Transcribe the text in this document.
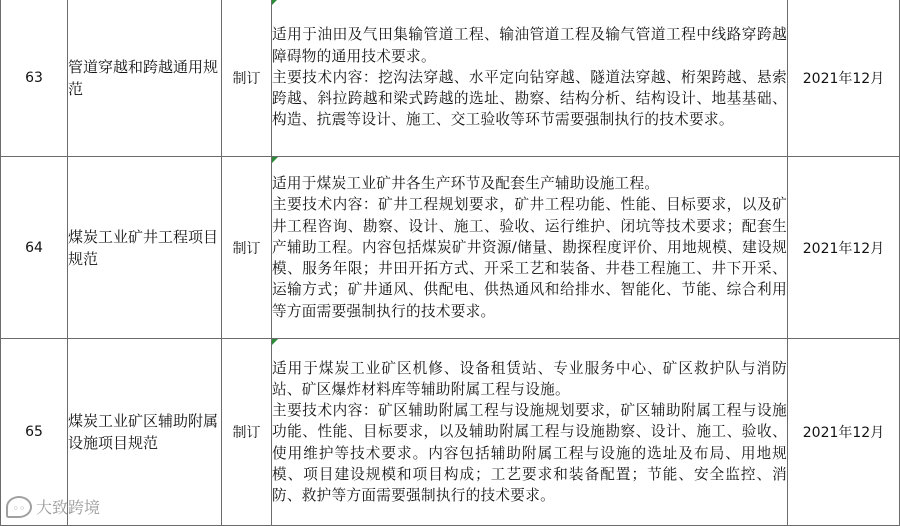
63	管道穿越和跨越通用规范	制订	适用于油田及气田集输管道工程、输油管道工程及输气管道工程中线路穿跨越障碍物的通用技术要求。

主要技术内容：挖沟法穿越、水平定向钻穿越、隧道法穿越、桁架跨越、悬索跨越、斜拉跨越和梁式跨越的选址、勘察、结构分析、结构设计、地基基础、构造、抗震等设计、施工、交工验收等环节需要强制执行的技术要求。	2021年12月
64	煤炭工业矿井工程项目规范	制订	适用于煤炭工业矿井各生产环节及配套生产辅助设施工程。

主要技术内容：矿井工程规划要求，矿井工程功能、性能、目标要求，以及矿井工程咨询、勘察、设计、施工、验收、运行维护、闭坑等技术要求；配套生产辅助工程。内容包括煤炭矿井资源/储量、勘探程度评价、用地规模、建设规模、服务年限；井田开拓方式、开采工艺和装备、井巷工程施工、井下开采、运输方式；矿井通风、供配电、供热通风和给排水、智能化、节能、综合利用等方面需要强制执行的技术要求。	2021年12月
65	煤炭工业矿区辅助附属设施项目规范	制订	适用于煤炭工业矿区机修、设备租赁站、专业服务中心、矿区救护队与消防站、矿区爆炸材料库等辅助附属工程与设施。

主要技术内容：矿区辅助附属工程与设施规划要求，矿区辅助附属工程与设施功能、性能、目标要求，以及辅助附属工程与设施勘察、设计、施工、验收、使用维护等技术要求。内容包括辅助附属工程与设施的选址及布局、用地规模、项目建设规模和项目构成；工艺要求和装备配置；节能、安全监控、消防、救护等方面需要强制执行的技术要求。	2021年12月
◦◦ 大致跨境
